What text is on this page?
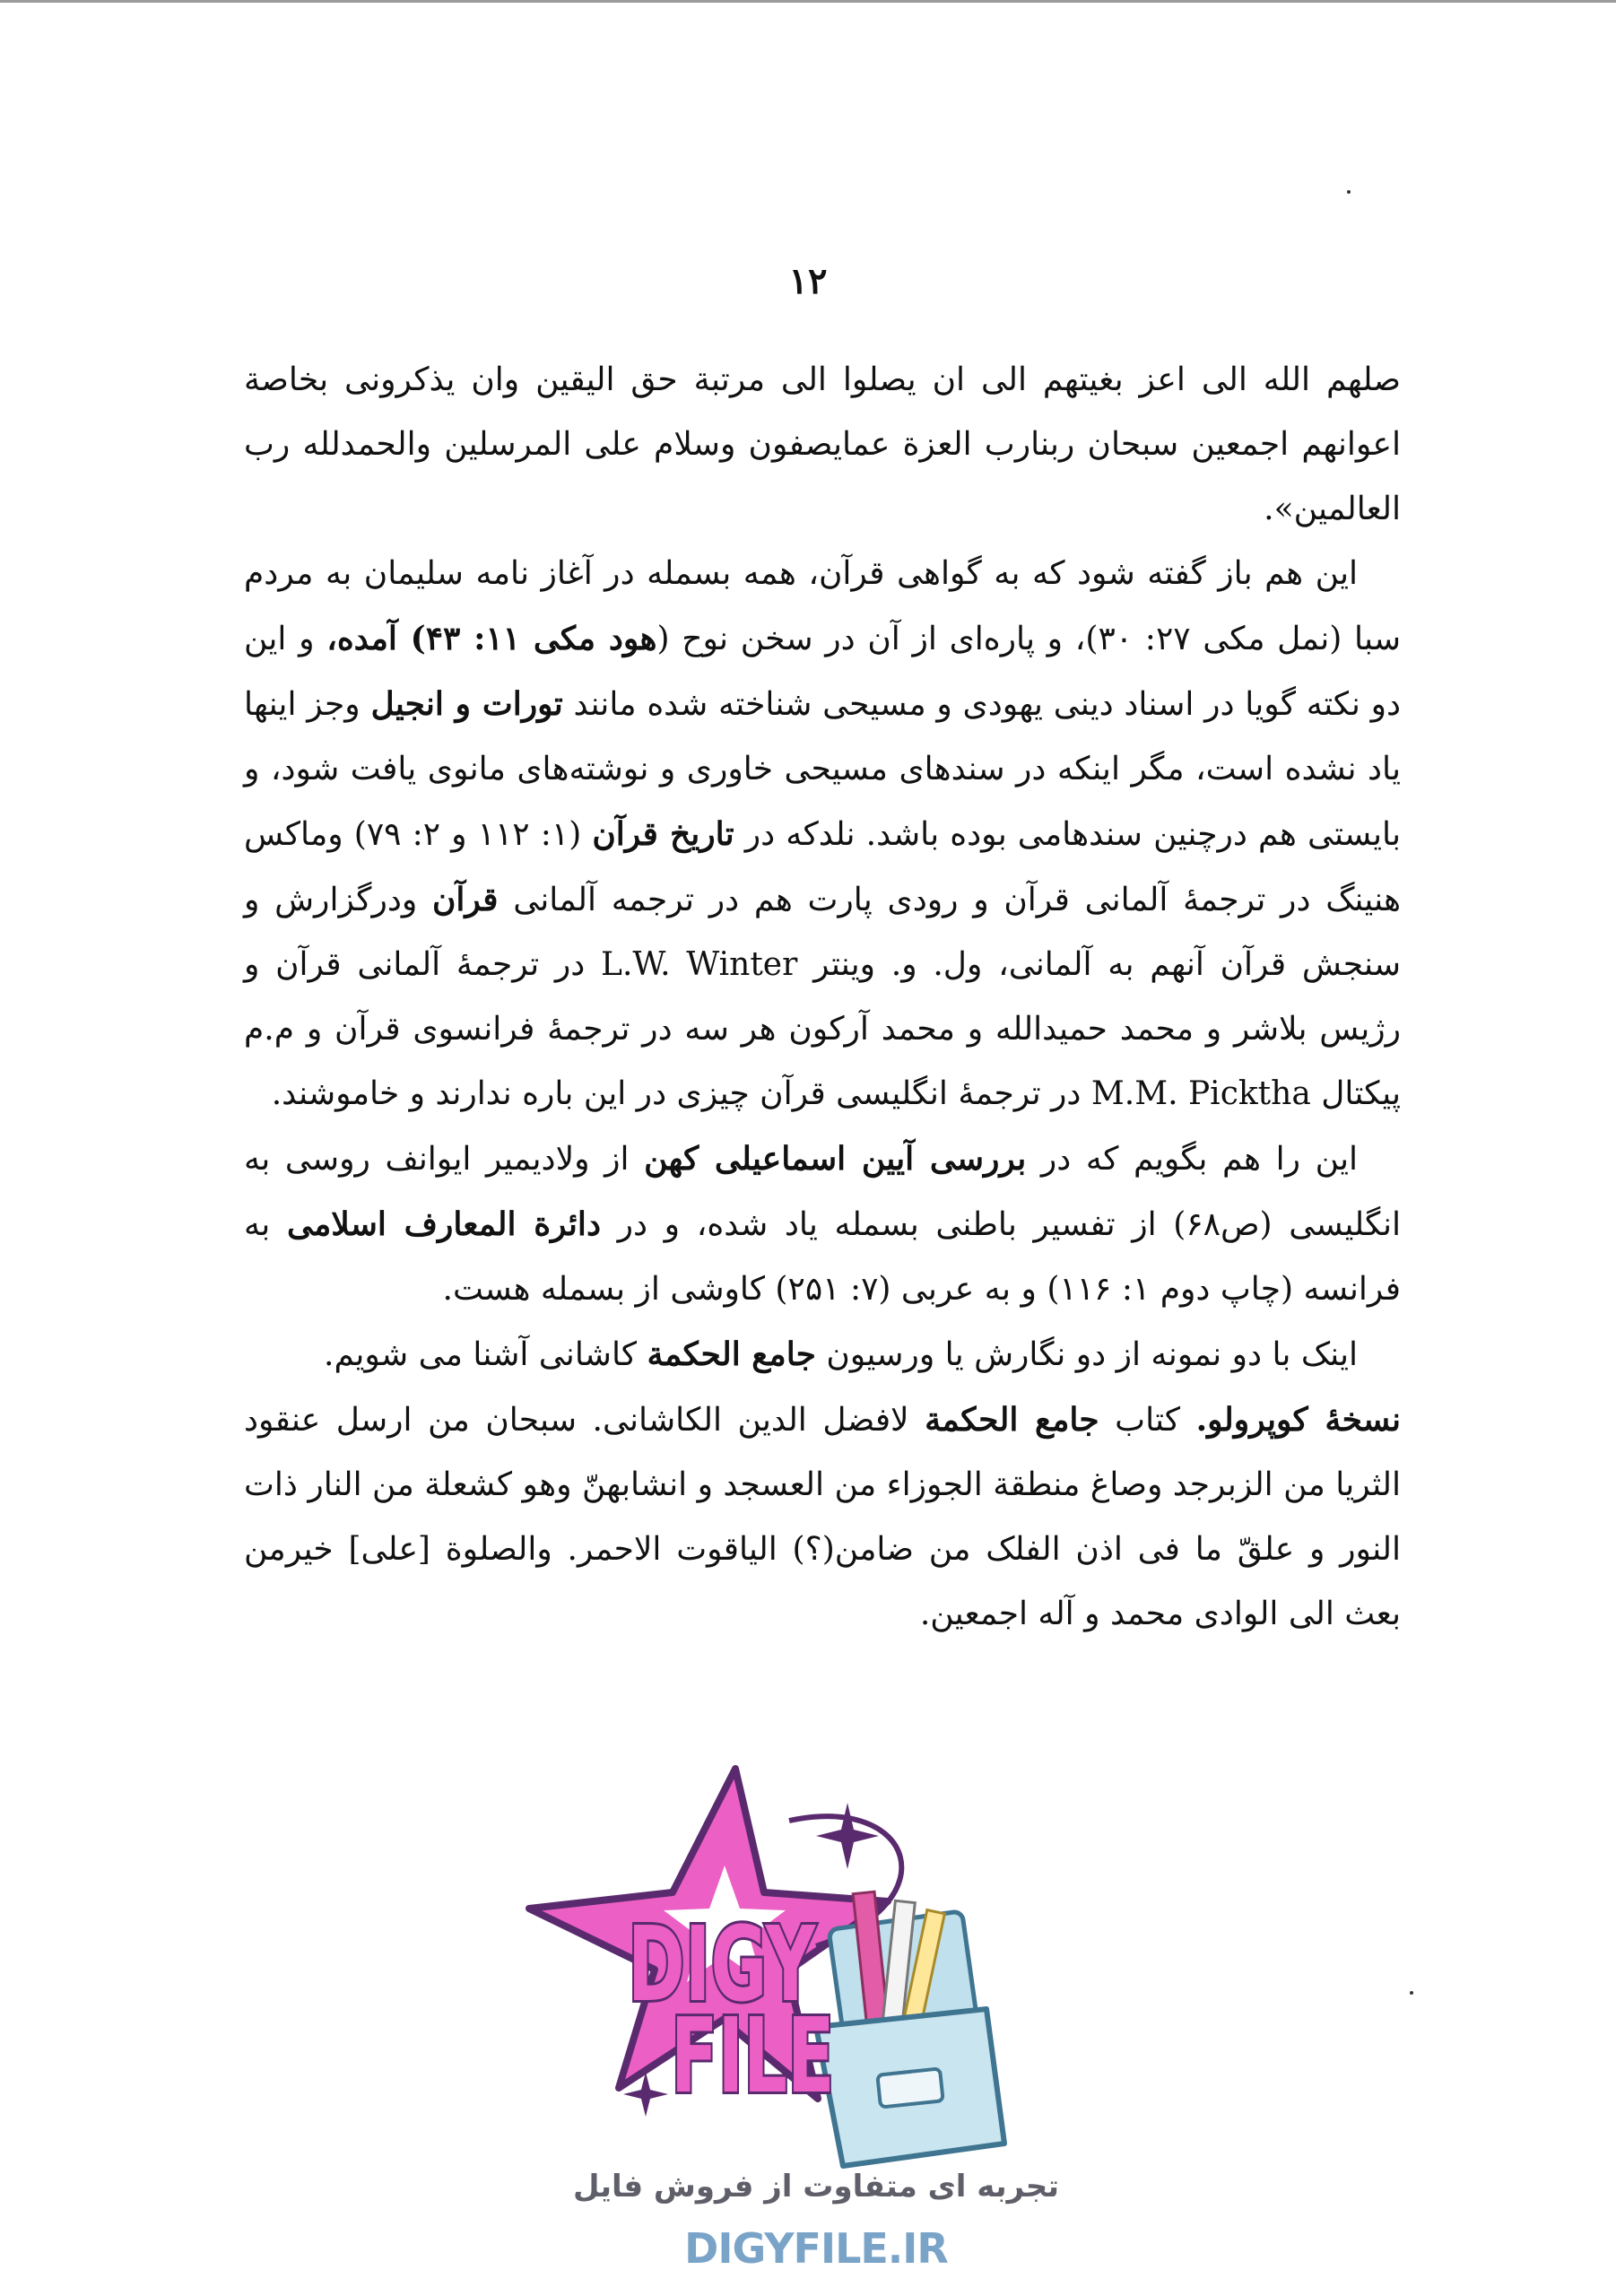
۱۲

صلهم الله الی اعز بغیتهم الی ان یصلوا الی مرتبة حق الیقین وان یذکرونی بخاصة اعوانهم اجمعین سبحان ربنارب العزة عمایصفون وسلام علی المرسلین والحمدلله رب العالمین».

این هم باز گفته شود که به گواهی قرآن، همه بسمله در آغاز نامه سلیمان به مردم سبا (نمل مکی ۲۷: ۳۰)، و پاره‌ای از آن در سخن نوح (هود مکی ۱۱: ۴۳) آمده، و این دو نکته گویا در اسناد دینی یهودی و مسیحی شناخته شده مانند تورات و انجیل وجز اینها یاد نشده است، مگر اینکه در سندهای مسیحی خاوری و نوشته‌های مانوی یافت شود، و بایستی هم درچنین سندهامی بوده باشد. نلدکه در تاریخ قرآن (۱: ۱۱۲ و ۲: ۷۹) وماکس هنینگ در ترجمهٔ آلمانی قرآن و رودی پارت هم در ترجمه آلمانی قرآن ودرگزارش و سنجش قرآن آنهم به آلمانی، ول. و. وینتر L.W. Winter در ترجمهٔ آلمانی قرآن و رژیس بلاشر و محمد حمیدالله و محمد آرکون هر سه در ترجمهٔ فرانسوی قرآن و م.م پیکتال M.M. Picktha در ترجمهٔ انگلیسی قرآن چیزی در این باره ندارند و خاموشند.

این را هم بگویم که در بررسی آیین اسماعیلی کهن از ولادیمیر ایوانف روسی به انگلیسی (ص۶۸) از تفسیر باطنی بسمله یاد شده، و در دائرة المعارف اسلامی به فرانسه (چاپ دوم ۱: ۱۱۶) و به عربی (۷: ۲۵۱) کاوشی از بسمله هست.

اینک با دو نمونه از دو نگارش یا ورسیون جامع الحکمة کاشانی آشنا می شویم.

نسخهٔ کوپرولو. کتاب جامع الحکمة لافضل الدین الکاشانی. سبحان من ارسل عنقود الثریا من الزبرجد وصاغ منطقة الجوزاء من العسجد و انشابهنّ وهو کشعلة من النار ذات النور و علقّ ما فی اذن الفلک من ضامن(؟) الیاقوت الاحمر. والصلوة [علی] خیرمن بعث الی الوادی محمد و آله اجمعین.

DIGY
FILE
تجربه ای متفاوت از فروش فایل
DIGYFILE.IR
